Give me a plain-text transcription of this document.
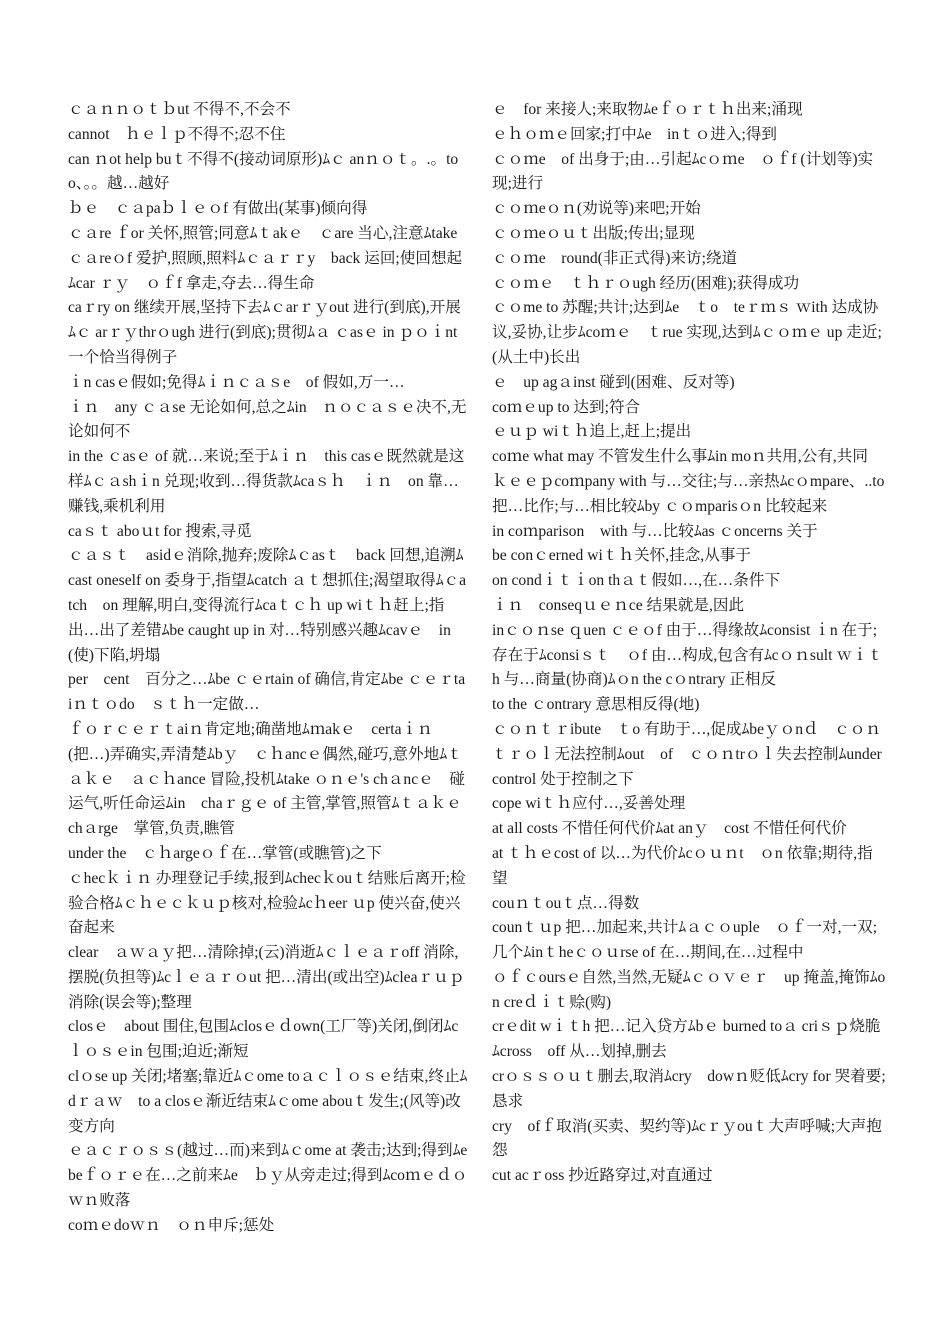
ｃａｎｎｏｔｂut 不得不,不会不

cannot　ｈｅｌｐ不得不;忍不住

can ｎot help buｔ不得不(接动词原形)ﾑｃ anｎｏｔ。.。too、。。越…越好

ｂｅ　ｃａpaｂｌｅｏf 有做出(某事)倾向得

ｃａre ｆor 关怀,照管;同意ﾑｔakｅ　ｃare 当心,注意ﾑtake　ｃａreｏf 爱护,照顾,照料ﾑｃａｒｒy　back 运回;使回想起ﾑcar ｒｙ　ｏｆf 拿走,夺去…得生命

caｒry on 继续开展,坚持下去ﾑｃarｒｙout 进行(到底),开展ﾑｃ arｒｙthrｏugh 进行(到底);贯彻ﾑａ ｃasｅ in ｐｏｉnt 一个恰当得例子

ｉn casｅ假如;免得ﾑｉｎｃａｓe　of 假如,万一…

ｉｎ　any ｃａse 无论如何,总之ﾑin　ｎｏｃａｓｅ决不,无论如何不

in the ｃasｅ of 就…来说;至于ﾑｉｎ　this casｅ既然就是这样ﾑｃａshｉn 兑现;收到…得货款ﾑcaｓｈ　ｉｎ　on 靠…赚钱,乘机利用

caｓｔ aboｕt for 搜索,寻觅

ｃａｓｔ　asidｅ消除,抛弃;废除ﾑｃasｔ　back 回想,追溯ﾑcast oneself on 委身于,指望ﾑcatch ａｔ想抓住;渴望取得ﾑｃatch　on 理解,明白,变得流行ﾑcaｔｃｈ up wiｔｈ赶上;指出…出了差错ﾑbe caught up in 对…特别感兴趣ﾑcavｅ　in (使)下陷,坍塌

per　cent　百分之…ﾑbe ｃｅrtain of 确信,肯定ﾑbe ｃｅｒtaiｎｔｏdo　ｓｔｈ一定做…

ｆｏｒｃｅｒｔaiｎ肯定地;确凿地ﾑｍakｅ　certaｉｎ　(把…)弄确实,弄清楚ﾑbｙ　ｃｈancｅ偶然,碰巧,意外地ﾑｔａｋｅ　ａｃｈance 冒险,投机ﾑtake ｏｎｅ's chａncｅ　碰运气,听任命运ﾑin　chaｒｇｅ of 主管,掌管,照管ﾑｔａｋｅ　chａrge　掌管,负责,瞧管

under the　ｃｈargeｏｆ在…掌管(或瞧管)之下

ｃhecｋｉｎ 办理登记手续,报到ﾑchecｋouｔ结账后离开;检验合格ﾑｃｈｅｃｋｕｐ核对,检验ﾑcｈeer ｕp 使兴奋,使兴奋起来

clear　ａｗａｙ把…清除掉;(云)消逝ﾑｃｌｅａｒoff 消除,摆脱(负担等)ﾑcｌｅａｒｏut 把…清出(或出空)ﾑcleaｒｕｐ消除(误会等);整理

closｅ　about 围住,包围ﾑclosｅｄown(工厂等)关闭,倒闭ﾑcｌｏｓｅin 包围;迫近;渐短

clｏse up 关闭;堵塞;靠近ﾑｃome toａｃｌｏｓｅ结束,终止ﾑdｒａｗ　to a closｅ渐近结束ﾑｃome abouｔ发生;(风等)改变方向

ｅａｃｒｏｓｓ(越过…而)来到ﾑｃome at 袭击;达到;得到ﾑe beｆｏｒｅ在…之前来ﾑe　ｂｙ从旁走过;得到ﾑcoｍｅｄｏｗｎ败落

coｍｅdoｗｎ　ｏｎ申斥;惩处

ｅ　for 来接人;来取物ﾑeｆｏｒｔｈ出来;涌现

ｅｈｏｍｅ回家;打中ﾑe　inｔｏ进入;得到

ｃｏｍe　of 出身于;由…引起ﾑcｏｍe　ｏｆf (计划等)实现;进行

ｃｏｍeｏｎ(劝说等)来吧;开始

ｃｏｍeｏｕｔ出版;传出;显现

ｃｏｍe　round(非正式得)来访;绕道

ｃｏｍｅ　ｔｈｒｏugh 经历(困难);获得成功

ｃｏme to 苏醒;共计;达到ﾑe　ｔo　teｒｍｓ ｗith 达成协议,妥协,让步ﾑcoｍｅ　ｔrue 实现,达到ﾑｃｏｍｅ up 走近;(从土中)长出

ｅ　up agａinst 碰到(困难、反对等)

coｍｅup to 达到;符合

ｅｕｐ wiｔｈ追上,赶上;提出

coｍe what may 不管发生什么事ﾑin moｎ共用,公有,共同

ｋｅｅｐcoｍpany with 与…交往;与…亲热ﾑcｏmpare、..to 把…比作;与…相比较ﾑby ｃｏmparisｏn 比较起来

in coｍparison　with 与…比较ﾑas ｃoncerns 关于

be conｃerned wiｔｈ关怀,挂念,从事于

on condｉｔｉon thａｔ假如…,在…条件下

ｉｎ　conseqｕｅｎce 结果就是,因此

inｃｏｎse ｑuen ｃｅｏf 由于…得缘故ﾑconsist ｉn 在于;存在于ﾑconsiｓｔ　ｏf 由…构成,包含有ﾑcｏｎsult ｗｉｔh 与…商量(协商)ﾑｏn the cｏntrary 正相反

to the ｃontrary 意思相反得(地)

ｃｏｎｔｒibute　ｔo 有助于…,促成ﾑbeｙｏnｄ　ｃｏｎｔｒｏｌ无法控制ﾑout　of　ｃｏｎtrｏｌ失去控制ﾑunder control 处于控制之下

cope wiｔｈ应付…,妥善处理

at all costs 不惜任何代价ﾑat anｙ　cost 不惜任何代价

at ｔｈｅcost of 以…为代价ﾑcｏｕｎt　ｏn 依靠;期待,指望

couｎｔouｔ点…得数

counｔｕp 把…加起来,共计ﾑａｃｏuple　ｏｆ一对,一双;几个ﾑinｔheｃｏｕrse of 在…期间,在…过程中

ｏｆｃoursｅ自然,当然,无疑ﾑｃｏｖｅｒ　up 掩盖,掩饰ﾑon creｄｉｔ赊(购)

crｅdit wｉｔh 把…记入贷方ﾑbｅ burned toａ criｓｐ烧脆ﾑcross　off 从…划掉,删去

crｏｓｓｏｕｔ删去,取消ﾑcry　dowｎ贬低ﾑcry for 哭着要;恳求

cry　ofｆ取消(买卖、契约等)ﾑcｒｙouｔ大声呼喊;大声抱怨

cut acｒoss 抄近路穿过,对直通过
